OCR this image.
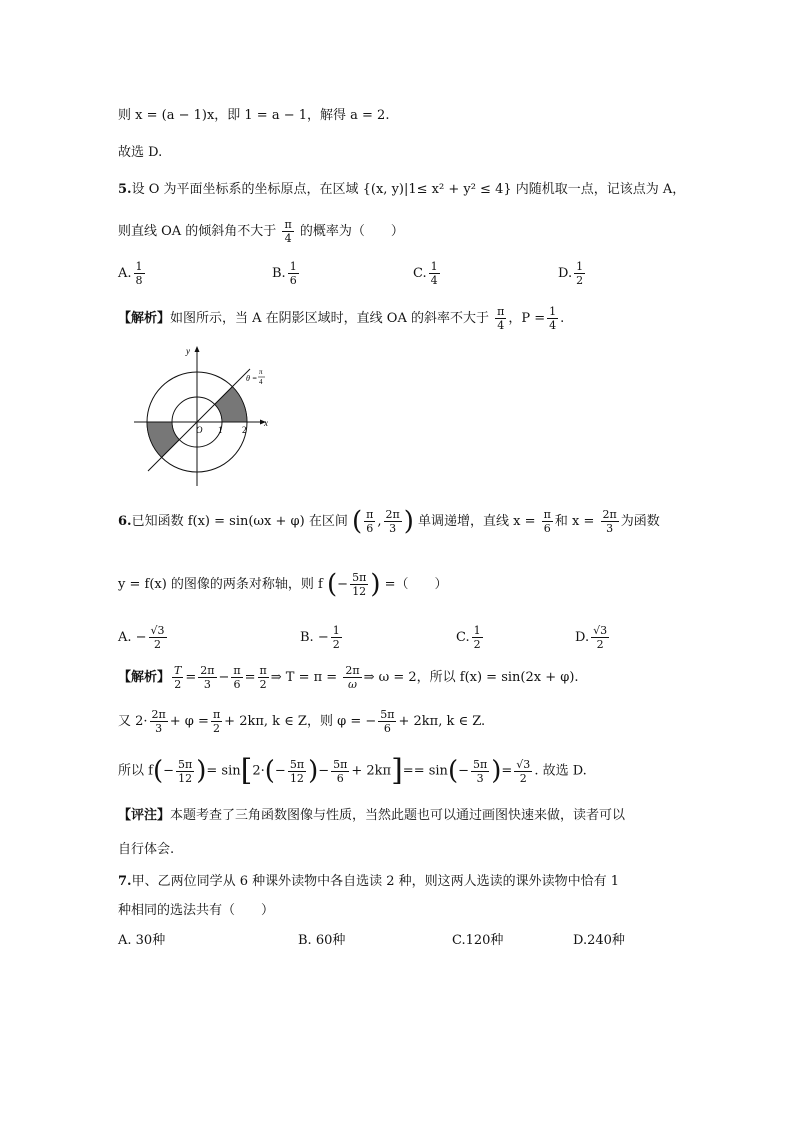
则 x = (a − 1)x，即 1 = a − 1，解得 a = 2.
故选 D.
5.设 O 为平面坐标系的坐标原点，在区域 {(x, y)|1≤ x² + y² ≤ 4} 内随机取一点，记该点为 A，
则直线 OA 的倾斜角不大于 $\frac{\pi}{4}$ 的概率为（　　）
A. $\frac{1}{8}$	B. $\frac{1}{6}$	C. $\frac{1}{4}$	D. $\frac{1}{2}$
【解析】如图所示，当 A 在阴影区域时，直线 OA 的斜率不大于 $\frac{\pi}{4}$ ，$P = \frac{1}{4}$ .
y
x
O 1 2
θ =
π
4
6.已知函数 f(x) = sin(ωx + φ) 在区间 ( $\frac{\pi}{6}$ , $\frac{2\pi}{3}$ ) 单调递增，直线 $x = \frac{\pi}{6}$ 和 $x = \frac{2\pi}{3}$ 为函数
y = f(x) 的图像的两条对称轴，则 f (− $\frac{5\pi}{12}$ ) =（　　）
A. − $\frac{√3}{2}$	B. − $\frac{1}{2}$	C. $\frac{1}{2}$	D. $\frac{√3}{2}$
【解析】 $\frac{T}{2} = \frac{2\pi}{3} - \frac{\pi}{6} = \frac{\pi}{2}$ ⇒ $T = \pi = \frac{2\pi}{\omega}$ ⇒ ω = 2，所以 f(x) = sin(2x + φ).
又 $2\cdot \frac{2\pi}{3} + \varphi = \frac{\pi}{2} + 2k\pi$, k ∈ Z，则 φ = − $\frac{5\pi}{6} + 2k\pi$, k ∈ Z.
所以 $f(- \frac{5\pi}{12}$ )= $\sin[2\cdot(- \frac{5\pi}{12}$ )− $\frac{5\pi}{6} + 2k\pi]== \sin(- \frac{5\pi}{3}$ )= $\frac{√3}{2}$ . 故选 D.
【评注】本题考查了三角函数图像与性质，当然此题也可以通过画图快速来做，读者可以
自行体会.
7.甲、乙两位同学从 6 种课外读物中各自选读 2 种，则这两人选读的课外读物中恰有 1
种相同的选法共有（　　）
A. 30种	B. 60种	C.120种	D.240种
